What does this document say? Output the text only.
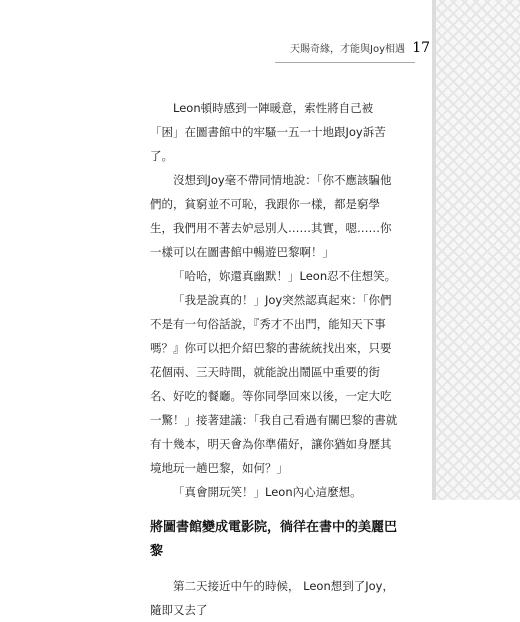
天賜奇緣，才能與Joy相遇 17

Leon頓時感到一陣暖意，索性將自己被「困」在圖書館中的牢騷一五一十地跟Joy訴苦了。

沒想到Joy毫不帶同情地說：「你不應該騙他們的，貧窮並不可恥，我跟你一樣，都是窮學生，我們用不著去妒忌別人……其實，嗯……你一樣可以在圖書館中暢遊巴黎啊！」

「哈哈，妳還真幽默！」Leon忍不住想笑。

「我是說真的！」Joy突然認真起來：「你們不是有一句俗話說，『秀才不出門，能知天下事嗎？』你可以把介紹巴黎的書統統找出來，只要花個兩、三天時間，就能說出鬧區中重要的街名、好吃的餐廳。等你同學回來以後，一定大吃一驚！」接著建議：「我自己看過有關巴黎的書就有十幾本，明天會為你準備好，讓你猶如身歷其境地玩一趟巴黎，如何？」

「真會開玩笑！」Leon內心這麼想。

將圖書館變成電影院，徜徉在書中的美麗巴黎

第二天接近中午的時候， Leon想到了Joy，隨即又去了
